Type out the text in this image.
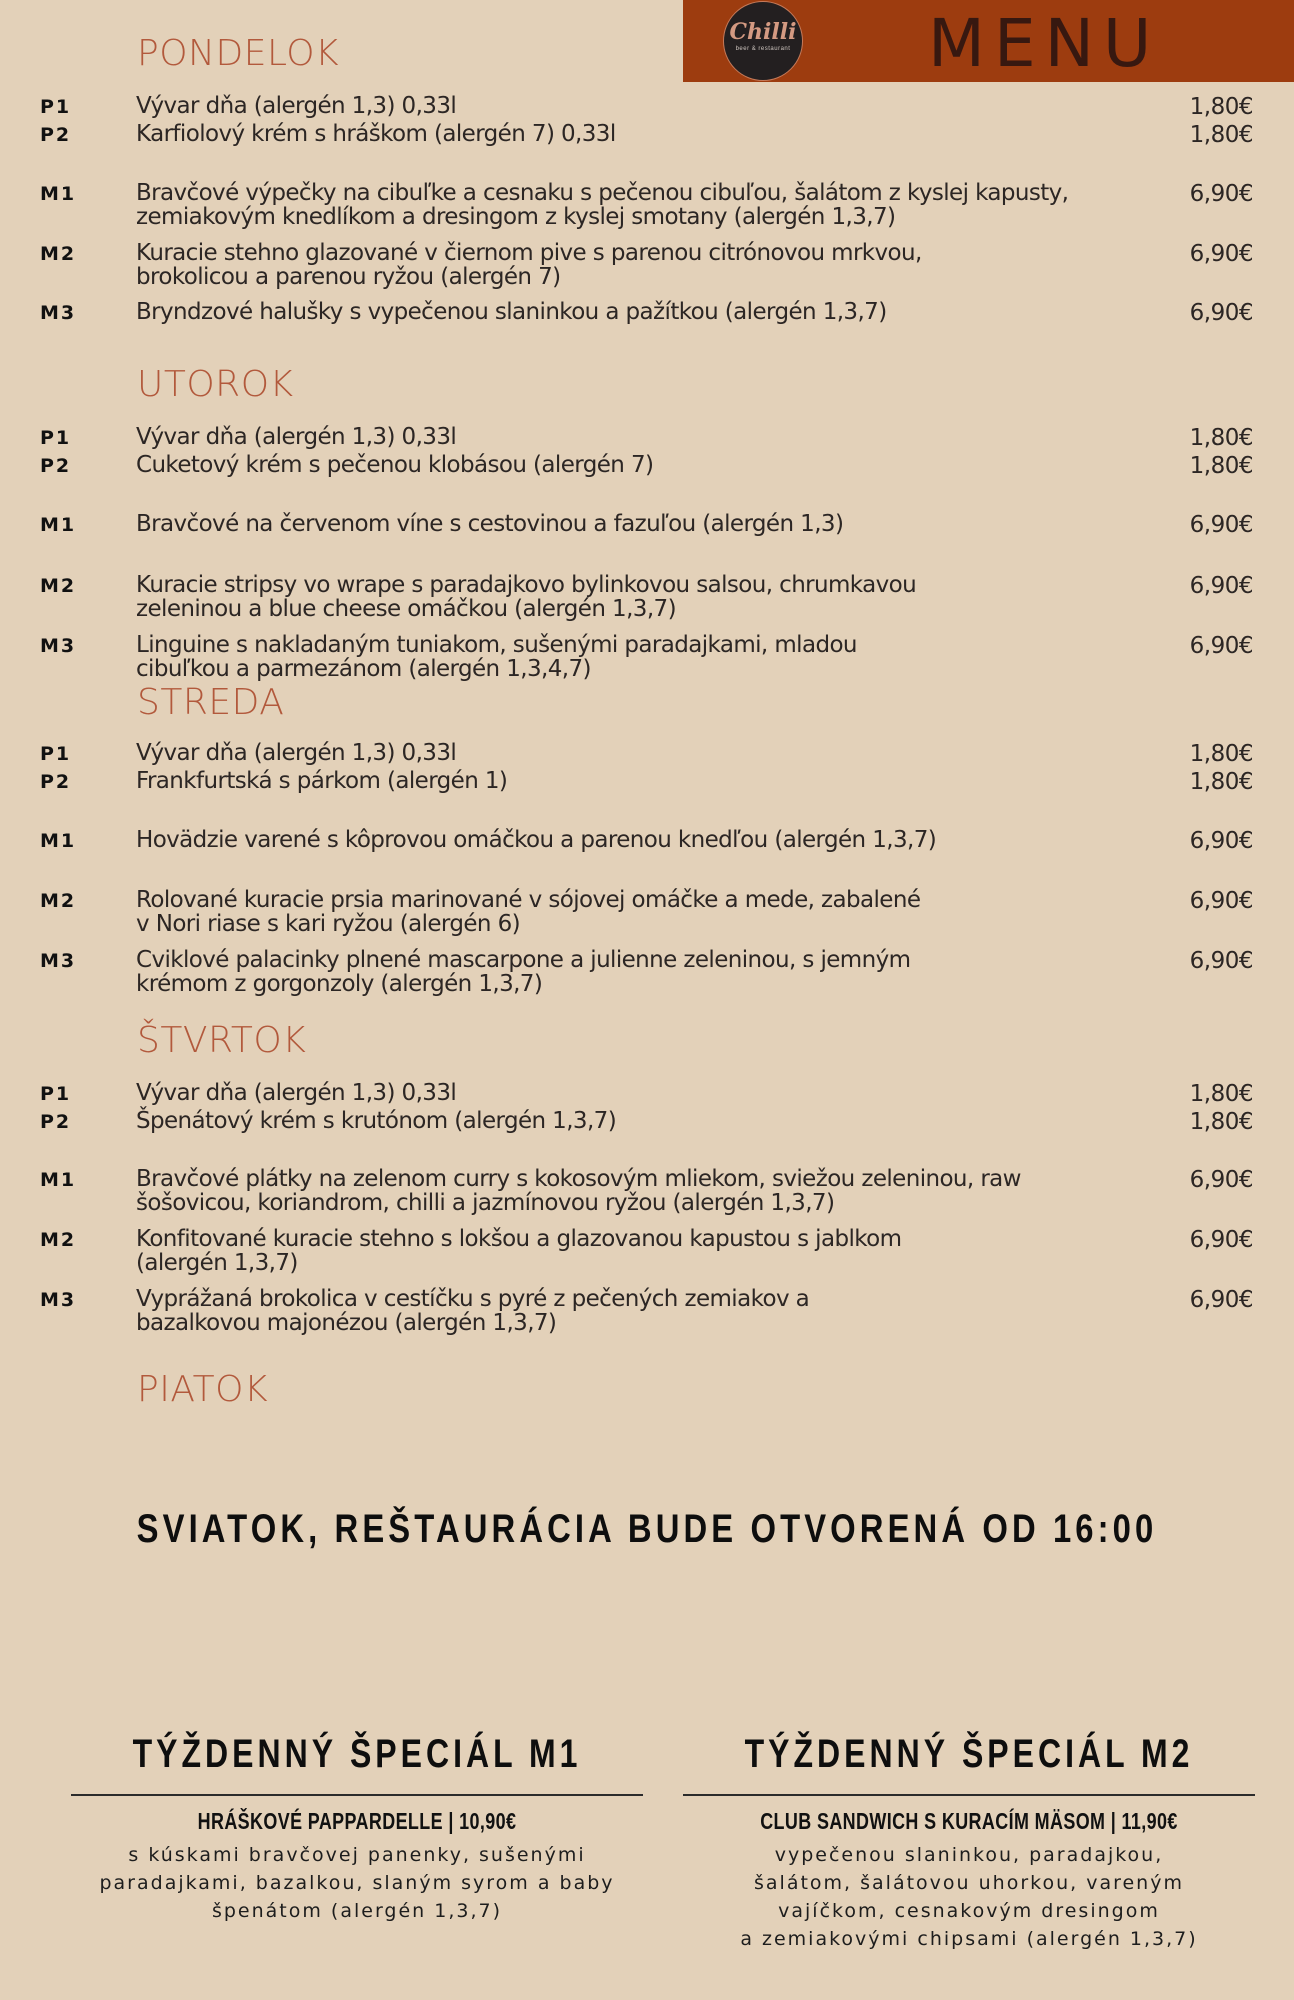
Chilli
beer & restaurant MENU
PONDELOK
P1	Vývar dňa (alergén 1,3) 0,33l	1,80€
P2	Karfiolový krém s hráškom (alergén 7) 0,33l	1,80€
M1	Bravčové výpečky na cibuľke a cesnaku s pečenou cibuľou, šalátom z kyslej kapusty,
zemiakovým knedlíkom a dresingom z kyslej smotany (alergén 1,3,7)
6,90€
M2	Kuracie stehno glazované v čiernom pive s parenou citrónovou mrkvou,
brokolicou a parenou ryžou (alergén 7)
6,90€
M3	Bryndzové halušky s vypečenou slaninkou a pažítkou (alergén 1,3,7)	6,90€
UTOROK
P1	Vývar dňa (alergén 1,3) 0,33l	1,80€
P2	Cuketový krém s pečenou klobásou (alergén 7)	1,80€
M1	Bravčové na červenom víne s cestovinou a fazuľou (alergén 1,3)	6,90€
M2	Kuracie stripsy vo wrape s paradajkovo bylinkovou salsou, chrumkavou
zeleninou a blue cheese omáčkou (alergén 1,3,7)
6,90€
M3	Linguine s nakladaným tuniakom, sušenými paradajkami, mladou
cibuľkou a parmezánom (alergén 1,3,4,7)
6,90€
STREDA
P1	Vývar dňa (alergén 1,3) 0,33l	1,80€
P2	Frankfurtská s párkom (alergén 1)	1,80€
M1	Hovädzie varené s kôprovou omáčkou a parenou knedľou (alergén 1,3,7)	6,90€
M2	Rolované kuracie prsia marinované v sójovej omáčke a mede, zabalené
v Nori riase s kari ryžou (alergén 6)
6,90€
M3	Cviklové palacinky plnené mascarpone a julienne zeleninou, s jemným
krémom z gorgonzoly (alergén 1,3,7)
6,90€
ŠTVRTOK
P1	Vývar dňa (alergén 1,3) 0,33l	1,80€
P2	Špenátový krém s krutónom (alergén 1,3,7)	1,80€
M1	Bravčové plátky na zelenom curry s kokosovým mliekom, sviežou zeleninou, raw
šošovicou, koriandrom, chilli a jazmínovou ryžou (alergén 1,3,7)
6,90€
M2	Konfitované kuracie stehno s lokšou a glazovanou kapustou s jablkom
(alergén 1,3,7)
6,90€
M3	Vyprážaná brokolica v cestíčku s pyré z pečených zemiakov a
bazalkovou majonézou (alergén 1,3,7)
6,90€
PIATOK
SVIATOK, REŠTAURÁCIA BUDE OTVORENÁ OD 16:00
TÝŽDENNÝ ŠPECIÁL M1
HRÁŠKOVÉ PAPPARDELLE | 10,90€
s kúskami bravčovej panenky, sušenými
paradajkami, bazalkou, slaným syrom a baby
špenátom (alergén 1,3,7)
TÝŽDENNÝ ŠPECIÁL M2
CLUB SANDWICH S KURACÍM MÄSOM | 11,90€
vypečenou slaninkou, paradajkou,
šalátom, šalátovou uhorkou, vareným
vajíčkom, cesnakovým dresingom
a zemiakovými chipsami (alergén 1,3,7)
